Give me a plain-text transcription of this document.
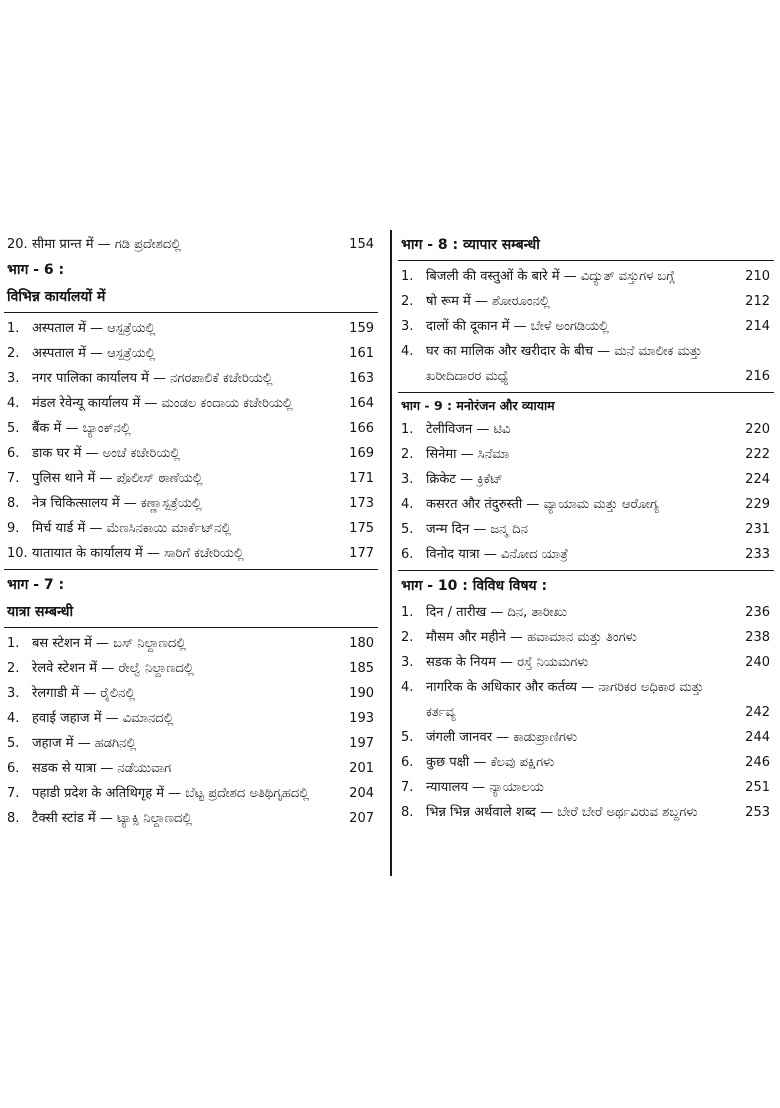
20. सीमा प्रान्त में — ಗಡಿ ಪ್ರದೇಶದಲ್ಲಿ	154
भाग - 6 :
विभिन्न कार्यालयों में
1. अस्पताल में — ಆಸ್ಪತ್ರೆಯಲ್ಲಿ	159
2. अस्पताल में — ಆಸ್ಪತ್ರೆಯಲ್ಲಿ	161
3. नगर पालिका कार्यालय में — ನಗರಪಾಲಿಕೆ ಕಚೇರಿಯಲ್ಲಿ	163
4. मंडल रेवेन्यू कार्यालय में — ಮಂಡಲ ಕಂದಾಯ ಕಚೇರಿಯಲ್ಲಿ	164
5. बैंक में — ಬ್ಯಾಂಕ್‌ನಲ್ಲಿ	166
6. डाक घर में — ಅಂಚೆ ಕಚೇರಿಯಲ್ಲಿ	169
7. पुलिस थाने में — ಪೊಲೀಸ್ ಠಾಣೆಯಲ್ಲಿ	171
8. नेत्र चिकित्सालय में — ಕಣ್ಣಾಸ್ಪತ್ರೆಯಲ್ಲಿ	173
9. मिर्च यार्ड में — ಮೆಣಸಿನಕಾಯಿ ಮಾರ್ಕೆಟ್‌ನಲ್ಲಿ	175
10. यातायात के कार्यालय में — ಸಾರಿಗೆ ಕಚೇರಿಯಲ್ಲಿ	177
भाग - 7 :
यात्रा सम्बन्धी
1. बस स्टेशन में — ಬಸ್ ನಿಲ್ದಾಣದಲ್ಲಿ	180
2. रेलवे स्टेशन में — ರೇಲ್ವೆ ನಿಲ್ದಾಣದಲ್ಲಿ	185
3. रेलगाडी में — ರೈಲಿನಲ್ಲಿ	190
4. हवाई जहाज में — ವಿಮಾನದಲ್ಲಿ	193
5. जहाज में — ಹಡಗಿನಲ್ಲಿ	197
6. सडक से यात्रा — ನಡೆಯುವಾಗ	201
7. पहाडी प्रदेश के अतिथिगृह में — ಬೆಟ್ಟ ಪ್ರದೇಶದ ಅತಿಥಿಗೃಹದಲ್ಲಿ	204
8. टैक्सी स्टांड में — ಟ್ಯಾಕ್ಸಿ ನಿಲ್ದಾಣದಲ್ಲಿ	207
भाग - 8 : व्यापार सम्बन्धी
1. बिजली की वस्तुओं के बारे में — ವಿದ್ಯುತ್ ವಸ್ತುಗಳ ಬಗ್ಗೆ	210
2. षो रूम में — ಶೋರೂಂನಲ್ಲಿ	212
3. दालों की दूकान में — ಬೇಳೆ ಅಂಗಡಿಯಲ್ಲಿ	214
4. घर का मालिक और खरीदार के बीच — ಮನೆ ಮಾಲೀಕ ಮತ್ತು ಖರೀದಿದಾರರ ಮಧ್ಯೆ	216
भाग - 9 : मनोरंजन और व्यायाम
1. टेलीविजन — ಟಿವಿ	220
2. सिनेमा — ಸಿನೆಮಾ	222
3. क्रिकेट — ಕ್ರಿಕೆಟ್	224
4. कसरत और तंदुरुस्ती — ವ್ಯಾಯಾಮ ಮತ್ತು ಆರೋಗ್ಯ	229
5. जन्म दिन — ಜನ್ಮ ದಿನ	231
6. विनोद यात्रा — ವಿನೋದ ಯಾತ್ರೆ	233
भाग - 10 : विविध विषय :
1. दिन / तारीख — ದಿನ, ತಾರೀಖು	236
2. मौसम और महीने — ಹವಾಮಾನ ಮತ್ತು ತಿಂಗಳು	238
3. सडक के नियम — ರಸ್ತೆ ನಿಯಮಗಳು	240
4. नागरिक के अधिकार और कर्तव्य — ನಾಗರಿಕರ ಅಧಿಕಾರ ಮತ್ತು ಕರ್ತವ್ಯ	242
5. जंगली जानवर — ಕಾಡುಪ್ರಾಣಿಗಳು	244
6. कुछ पक्षी — ಕೆಲವು ಪಕ್ಷಿಗಳು	246
7. न्यायालय — ನ್ಯಾಯಾಲಯ	251
8. भिन्न भिन्न अर्थवाले शब्द — ಬೇರೆ ಬೇರೆ ಅರ್ಥವಿರುವ ಶಬ್ದಗಳು	253
